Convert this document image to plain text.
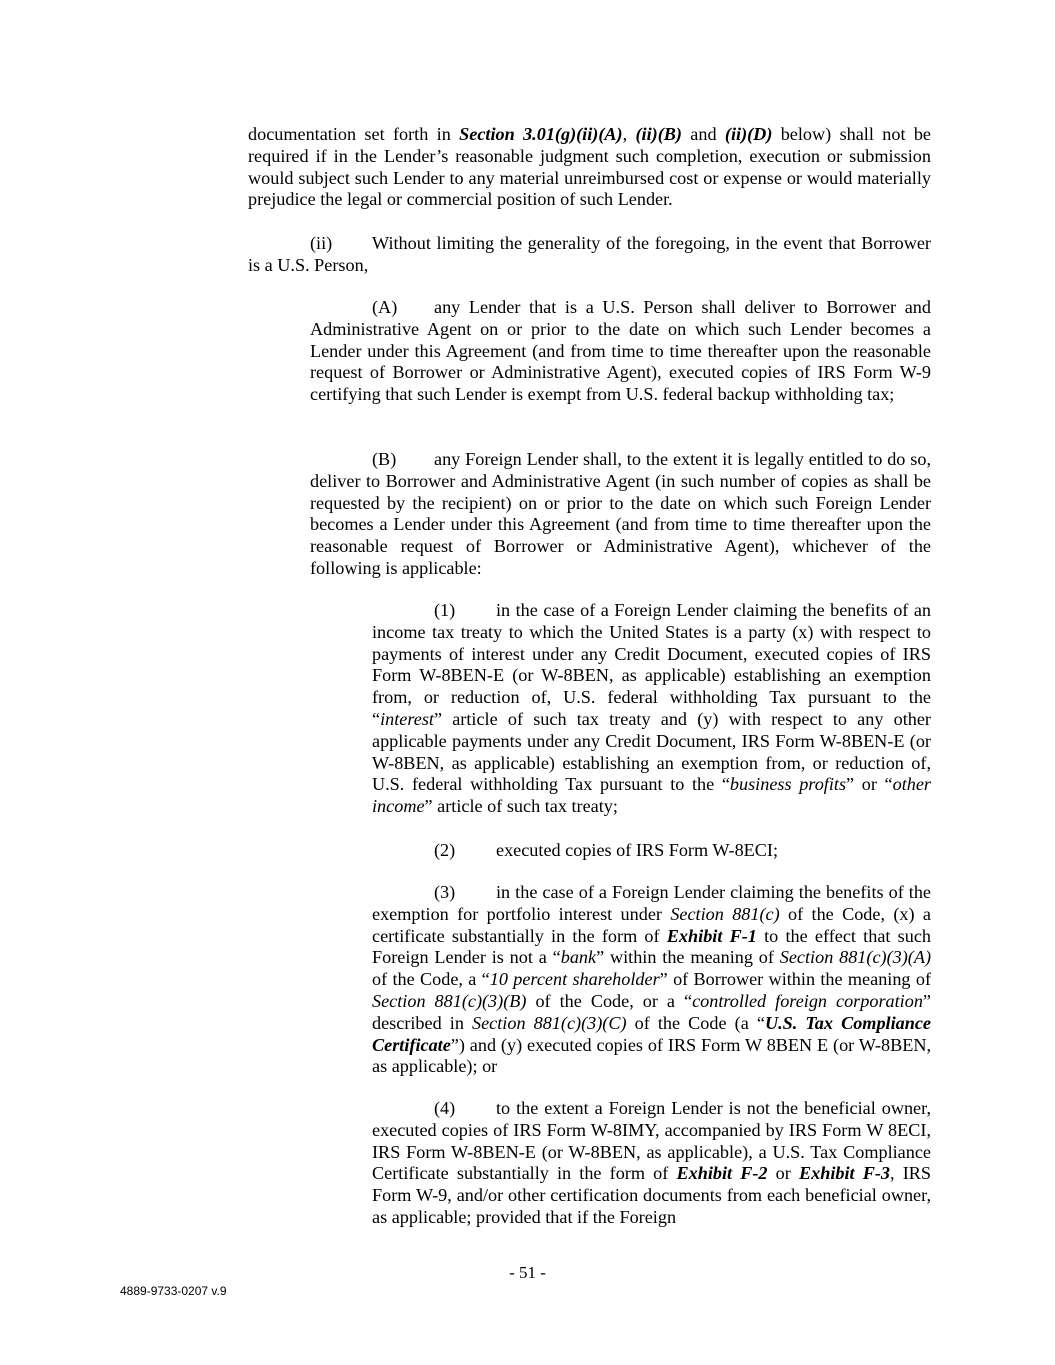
documentation set forth in Section 3.01(g)(ii)(A), (ii)(B) and (ii)(D) below) shall not be required if in the Lender’s reasonable judgment such completion, execution or submission would subject such Lender to any material unreimbursed cost or expense or would materially prejudice the legal or commercial position of such Lender.

(ii) Without limiting the generality of the foregoing, in the event that Borrower is a U.S. Person,

(A) any Lender that is a U.S. Person shall deliver to Borrower and Administrative Agent on or prior to the date on which such Lender becomes a Lender under this Agreement (and from time to time thereafter upon the reasonable request of Borrower or Administrative Agent), executed copies of IRS Form W-9 certifying that such Lender is exempt from U.S. federal backup withholding tax;

(B) any Foreign Lender shall, to the extent it is legally entitled to do so, deliver to Borrower and Administrative Agent (in such number of copies as shall be requested by the recipient) on or prior to the date on which such Foreign Lender becomes a Lender under this Agreement (and from time to time thereafter upon the reasonable request of Borrower or Administrative Agent), whichever of the following is applicable:

(1) in the case of a Foreign Lender claiming the benefits of an income tax treaty to which the United States is a party (x) with respect to payments of interest under any Credit Document, executed copies of IRS Form W-8BEN-E (or W-8BEN, as applicable) establishing an exemption from, or reduction of, U.S. federal withholding Tax pursuant to the “interest” article of such tax treaty and (y) with respect to any other applicable payments under any Credit Document, IRS Form W-8BEN-E (or W-8BEN, as applicable) establishing an exemption from, or reduction of, U.S. federal withholding Tax pursuant to the “business profits” or “other income” article of such tax treaty;

(2) executed copies of IRS Form W-8ECI;

(3) in the case of a Foreign Lender claiming the benefits of the exemption for portfolio interest under Section 881(c) of the Code, (x) a certificate substantially in the form of Exhibit F-1 to the effect that such Foreign Lender is not a “bank” within the meaning of Section 881(c)(3)(A) of the Code, a “10 percent shareholder” of Borrower within the meaning of Section 881(c)(3)(B) of the Code, or a “controlled foreign corporation” described in Section 881(c)(3)(C) of the Code (a “U.S. Tax Compliance Certificate”) and (y) executed copies of IRS Form W 8BEN E (or W-8BEN, as applicable); or

(4) to the extent a Foreign Lender is not the beneficial owner, executed copies of IRS Form W-8IMY, accompanied by IRS Form W 8ECI, IRS Form W-8BEN-E (or W-8BEN, as applicable), a U.S. Tax Compliance Certificate substantially in the form of Exhibit F-2 or Exhibit F-3, IRS Form W-9, and/or other certification documents from each beneficial owner, as applicable; provided that if the Foreign

- 51 -
4889-9733-0207 v.9
